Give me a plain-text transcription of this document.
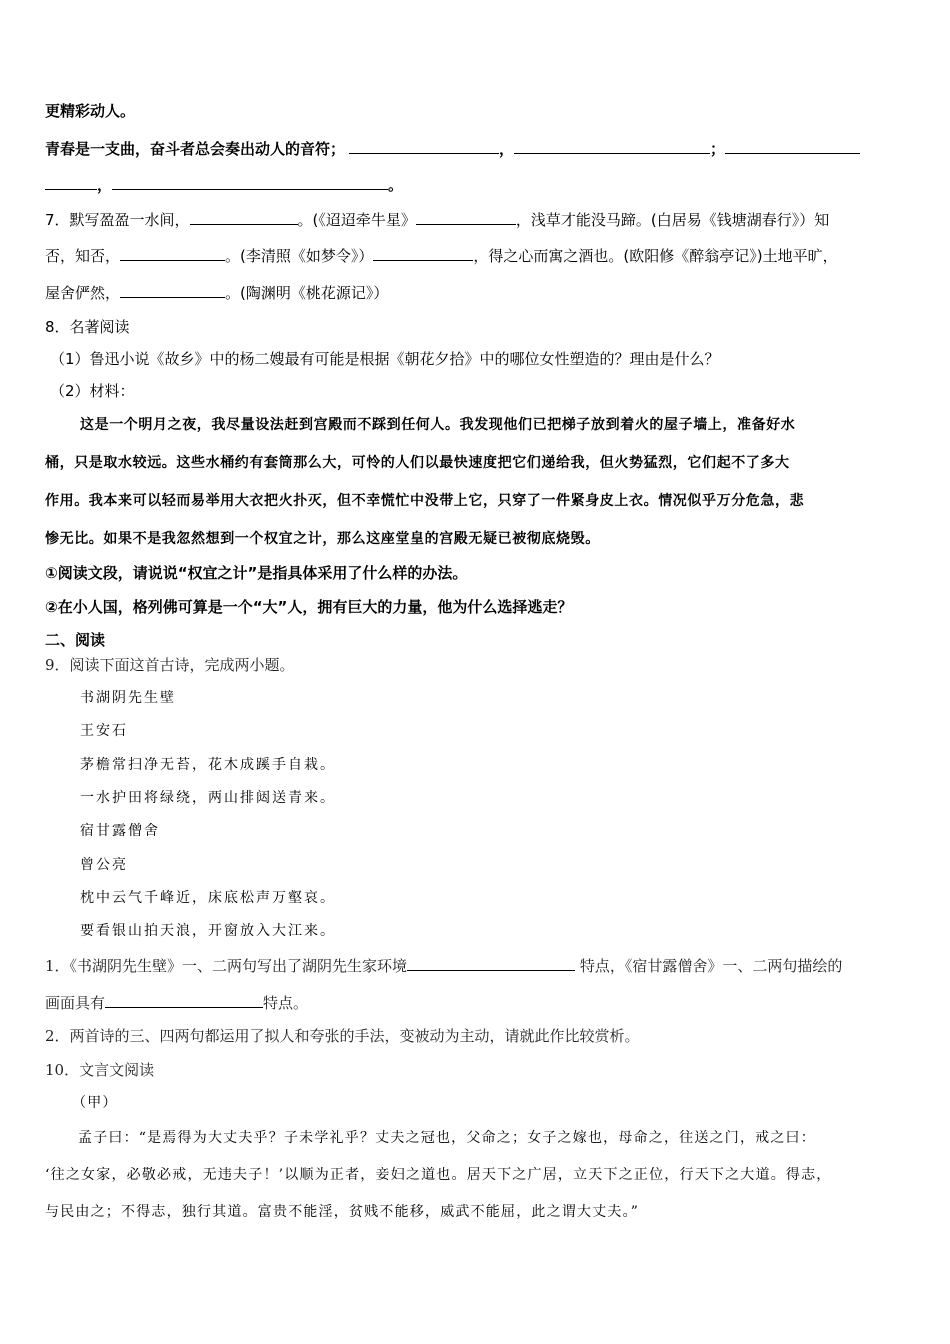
更精彩动人。
青春是一支曲，奋斗者总会奏出动人的音符；	，	；
，	。
7．默写盈盈一水间，	。(《迢迢牵牛星》	，浅草才能没马蹄。(白居易《钱塘湖春行》）知
否，知否，	。(李清照《如梦令》）	，得之心而寓之酒也。(欧阳修《醉翁亭记》)土地平旷，
屋舍俨然，	。(陶渊明《桃花源记》）
8．名著阅读
（1）鲁迅小说《故乡》中的杨二嫂最有可能是根据《朝花夕拾》中的哪位女性塑造的？理由是什么？
（2）材料：
这是一个明月之夜，我尽量设法赶到宫殿而不踩到任何人。我发现他们已把梯子放到着火的屋子墙上，准备好水
桶，只是取水较远。这些水桶约有套筒那么大，可怜的人们以最快速度把它们递给我，但火势猛烈，它们起不了多大
作用。我本来可以轻而易举用大衣把火扑灭，但不幸慌忙中没带上它，只穿了一件紧身皮上衣。情况似乎万分危急，悲
惨无比。如果不是我忽然想到一个权宜之计，那么这座堂皇的宫殿无疑已被彻底烧毁。
①阅读文段，请说说“权宜之计”是指具体采用了什么样的办法。
②在小人国，格列佛可算是一个“大”人，拥有巨大的力量，他为什么选择逃走？
二、阅读
9．阅读下面这首古诗，完成两小题。
书湖阴先生壁
王安石
茅檐常扫净无苔，花木成蹊手自栽。
一水护田将绿绕，两山排闼送青来。
宿甘露僧舍
曾公亮
枕中云气千峰近，床底松声万壑哀。
要看银山拍天浪，开窗放入大江来。
1．《书湖阴先生壁》一、二两句写出了湖阴先生家环境	特点，《宿甘露僧舍》一、二两句描绘的
画面具有	特点。
2．两首诗的三、四两句都运用了拟人和夸张的手法，变被动为主动，请就此作比较赏析。
10．文言文阅读
（甲）
孟子曰：“是焉得为大丈夫乎？子未学礼乎？丈夫之冠也，父命之；女子之嫁也，母命之，往送之门，戒之曰：
‘往之女家，必敬必戒，无违夫子！’以顺为正者，妾妇之道也。居天下之广居，立天下之正位，行天下之大道。得志，
与民由之；不得志，独行其道。富贵不能淫，贫贱不能移，威武不能屈，此之谓大丈夫。”
